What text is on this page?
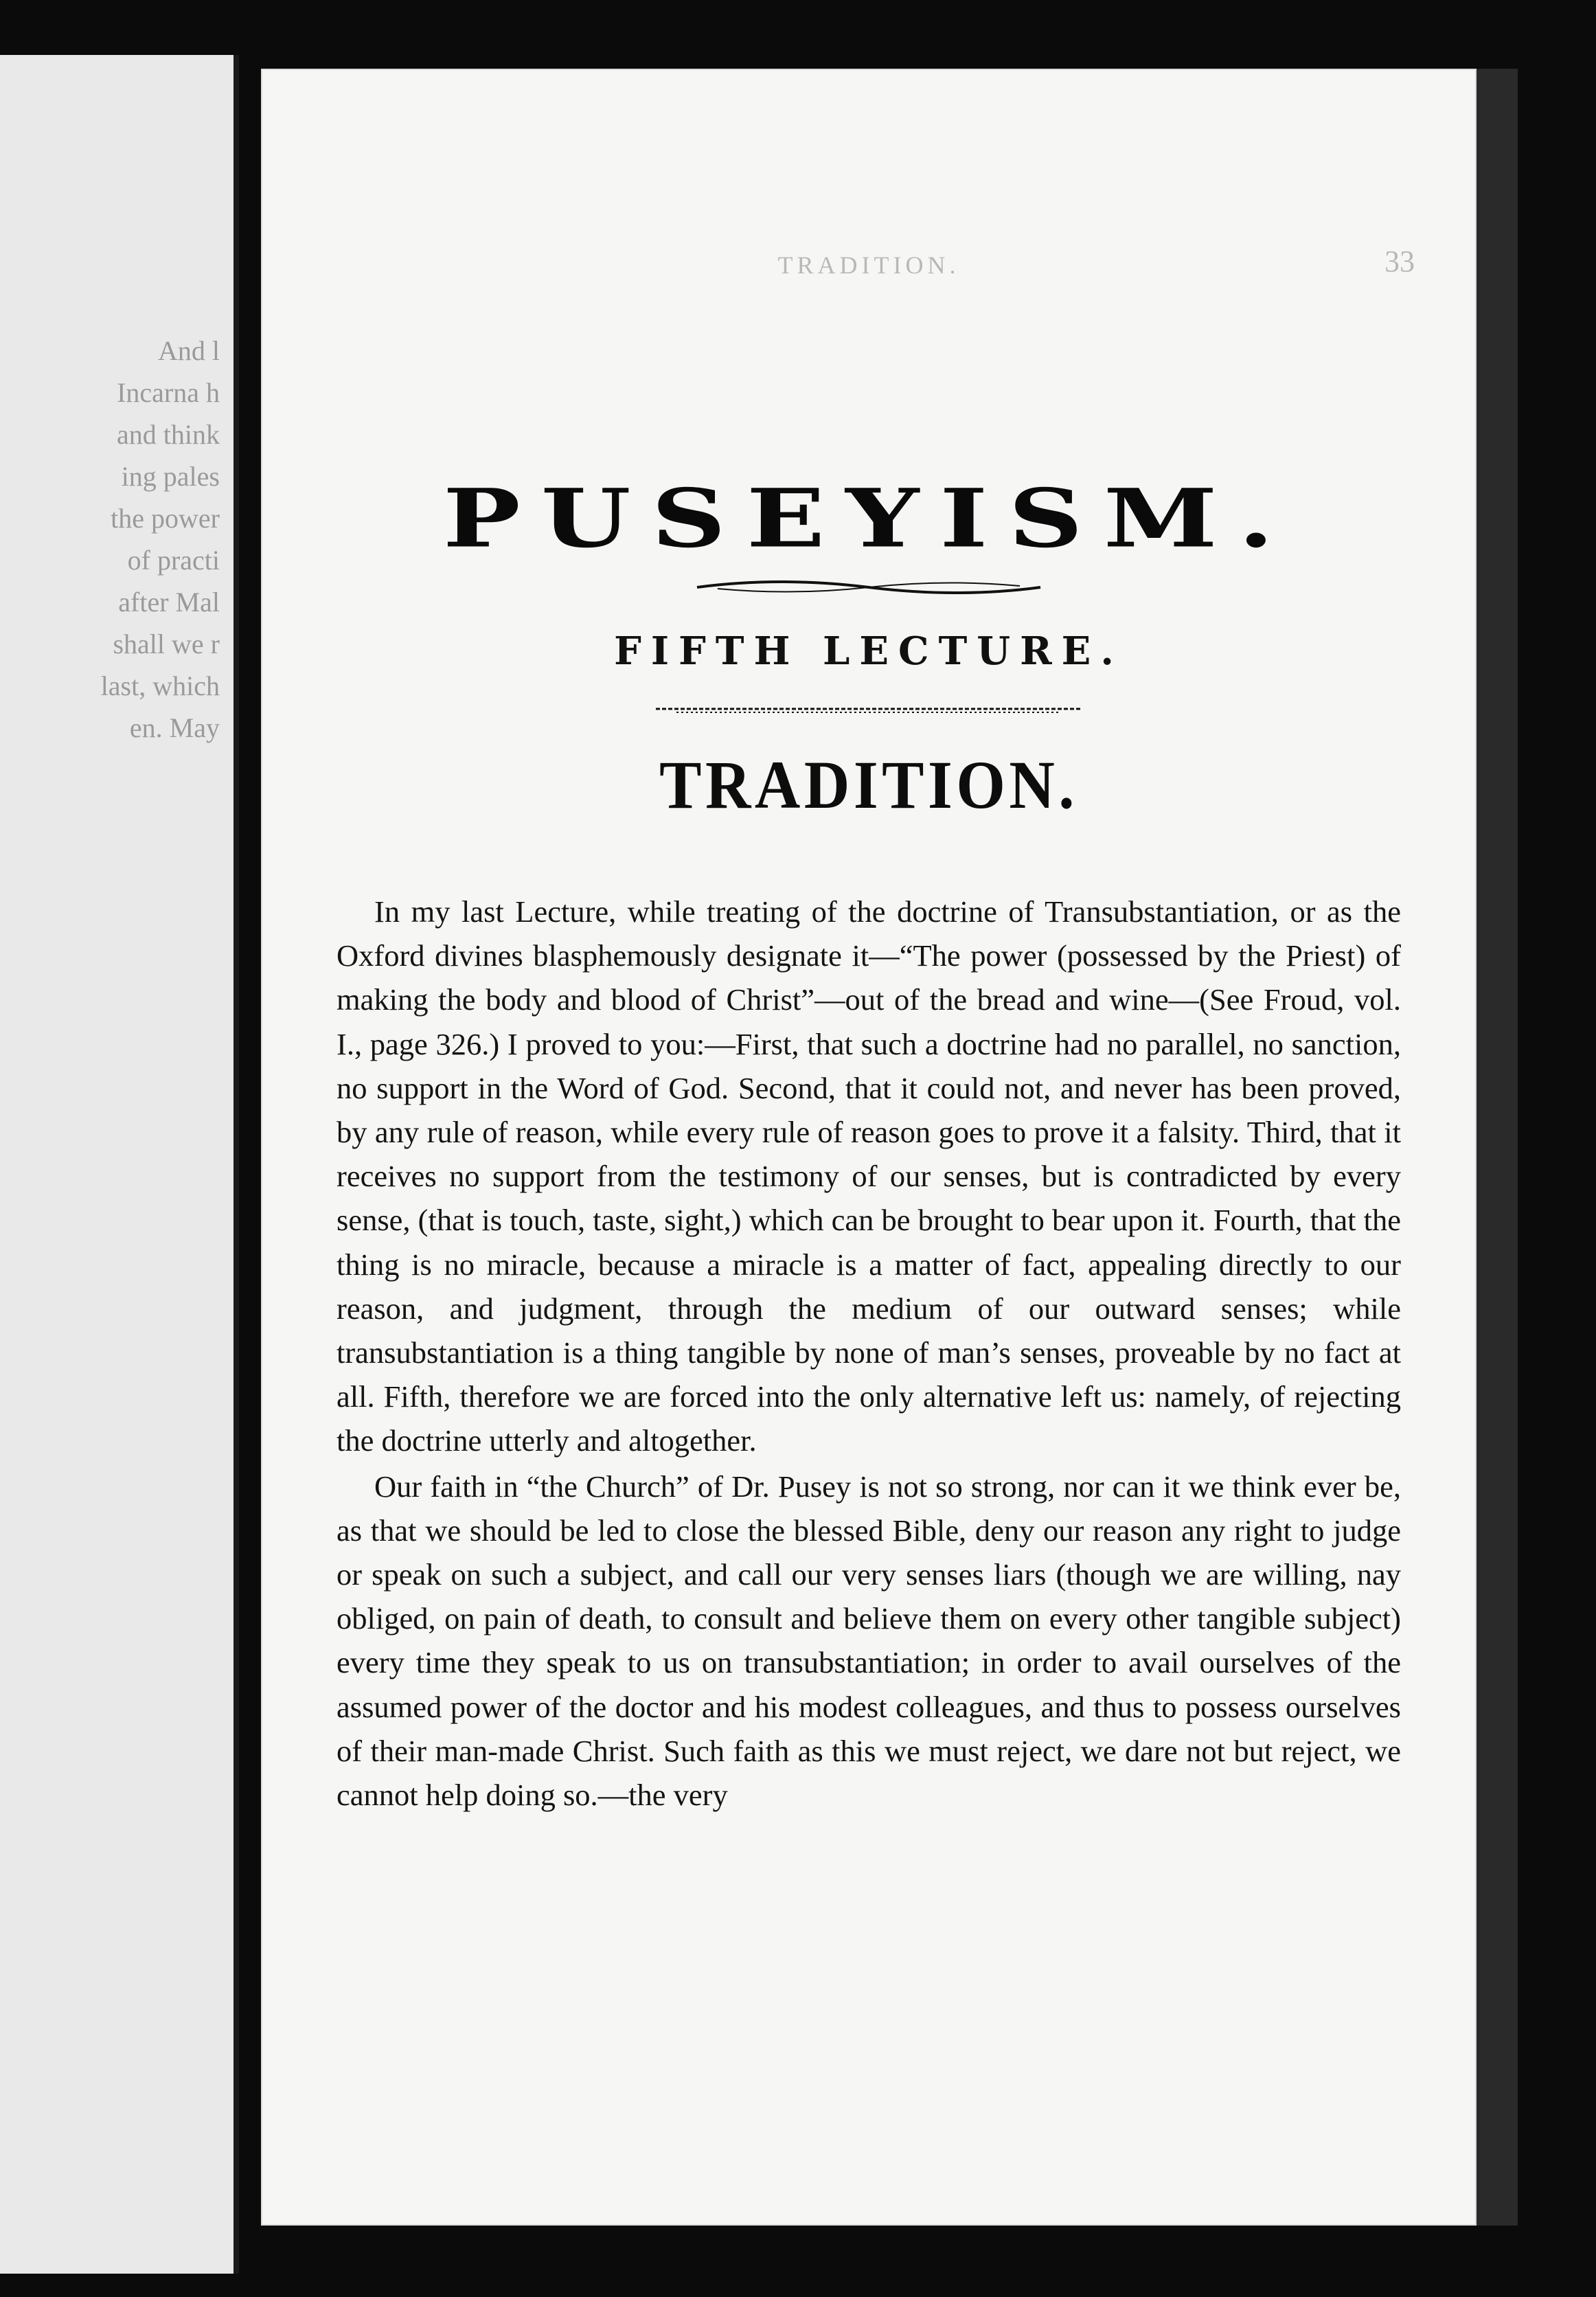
And l
Incarna h
and think
ing pales
the power
of practi
after Mal
shall we r
last, which
en. May
TRADITION.	33
PUSEYISM.
FIFTH LECTURE.
TRADITION.

In my last Lecture, while treating of the doctrine of Transubstantiation, or as the Oxford divines blasphemously designate it—“The power (possessed by the Priest) of making the body and blood of Christ”—out of the bread and wine—(See Froud, vol. I., page 326.) I proved to you:—First, that such a doctrine had no parallel, no sanction, no support in the Word of God. Second, that it could not, and never has been proved, by any rule of reason, while every rule of reason goes to prove it a falsity. Third, that it receives no support from the testimony of our senses, but is contradicted by every sense, (that is touch, taste, sight,) which can be brought to bear upon it. Fourth, that the thing is no miracle, because a miracle is a matter of fact, appealing directly to our reason, and judgment, through the medium of our outward senses; while transubstantiation is a thing tangible by none of man’s senses, proveable by no fact at all. Fifth, therefore we are forced into the only alternative left us: namely, of rejecting the doctrine utterly and altogether.

Our faith in “the Church” of Dr. Pusey is not so strong, nor can it we think ever be, as that we should be led to close the blessed Bible, deny our reason any right to judge or speak on such a subject, and call our very senses liars (though we are willing, nay obliged, on pain of death, to consult and believe them on every other tangible subject) every time they speak to us on transubstantiation; in order to avail ourselves of the assumed power of the doctor and his modest colleagues, and thus to possess ourselves of their man-made Christ. Such faith as this we must reject, we dare not but reject, we cannot help doing so.—the very
